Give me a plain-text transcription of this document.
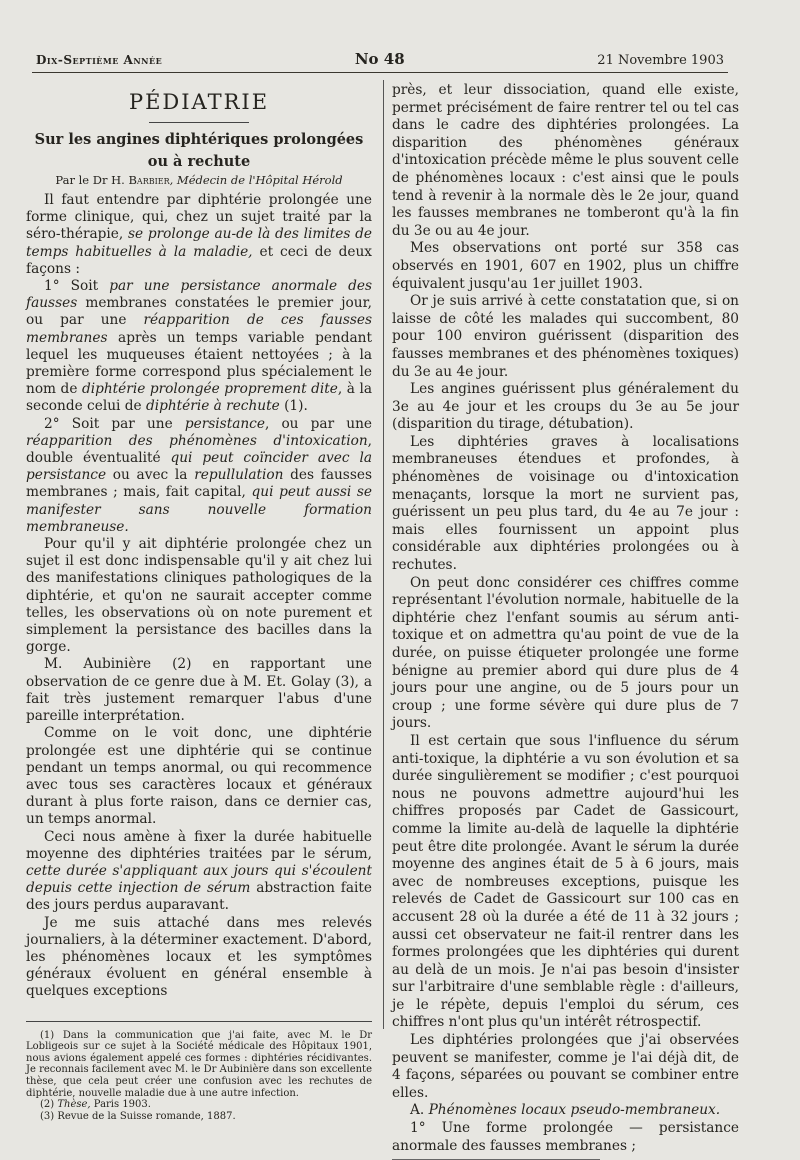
Dix-Septième Année	No 48	21 Novembre 1903
PÉDIATRIE
Sur les angines diphtériques prolongées
ou à rechute
Par le Dr H. Barbier, Médecin de l'Hôpital Hérold

Il faut entendre par diphtérie prolongée une forme clinique, qui, chez un sujet traité par la séro-thérapie, se prolonge au-de là des limites de temps habituelles à la maladie, et ceci de deux façons :

1° Soit par une persistance anormale des fausses membranes constatées le premier jour, ou par une réapparition de ces fausses membranes après un temps variable pendant lequel les muqueuses étaient nettoyées ; à la première forme correspond plus spécialement le nom de diphtérie prolongée proprement dite, à la seconde celui de diphtérie à rechute (1).

2° Soit par une persistance, ou par une réapparition des phénomènes d'intoxication, double éventualité qui peut coïncider avec la persistance ou avec la repullulation des fausses membranes ; mais, fait capital, qui peut aussi se manifester sans nouvelle formation membraneuse.

Pour qu'il y ait diphtérie prolongée chez un sujet il est donc indispensable qu'il y ait chez lui des manifestations cliniques pathologiques de la diphtérie, et qu'on ne saurait accepter comme telles, les observations où on note purement et simplement la persistance des bacilles dans la gorge.

M. Aubinière (2) en rapportant une observation de ce genre due à M. Et. Golay (3), a fait très justement remarquer l'abus d'une pareille interprétation.

Comme on le voit donc, une diphtérie prolongée est une diphtérie qui se continue pendant un temps anormal, ou qui recommence avec tous ses caractères locaux et généraux durant à plus forte raison, dans ce dernier cas, un temps anormal.

Ceci nous amène à fixer la durée habituelle moyenne des diphtéries traitées par le sérum, cette durée s'appliquant aux jours qui s'écoulent depuis cette injection de sérum abstraction faite des jours perdus auparavant.

Je me suis attaché dans mes relevés journaliers, à la déterminer exactement. D'abord, les phénomènes locaux et les symptômes généraux évoluent en général ensemble à quelques exceptions

(1) Dans la communication que j'ai faite, avec M. le Dr Lobligeois sur ce sujet à la Société médicale des Hôpitaux 1901, nous avions également appelé ces formes : diphtéries récidivantes. Je reconnais facilement avec M. le Dr Aubinière dans son excellente thèse, que cela peut créer une confusion avec les rechutes de diphtérie, nouvelle maladie due à une autre infection.

(2) Thèse, Paris 1903.

(3) Revue de la Suisse romande, 1887.

près, et leur dissociation, quand elle existe, permet précisément de faire rentrer tel ou tel cas dans le cadre des diphtéries prolongées. La disparition des phénomènes généraux d'intoxication précède même le plus souvent celle de phénomènes locaux : c'est ainsi que le pouls tend à revenir à la normale dès le 2e jour, quand les fausses membranes ne tomberont qu'à la fin du 3e ou au 4e jour.

Mes observations ont porté sur 358 cas observés en 1901, 607 en 1902, plus un chiffre équivalent jusqu'au 1er juillet 1903.

Or je suis arrivé à cette constatation que, si on laisse de côté les malades qui succombent, 80 pour 100 environ guérissent (disparition des fausses membranes et des phénomènes toxiques) du 3e au 4e jour.

Les angines guérissent plus généralement du 3e au 4e jour et les croups du 3e au 5e jour (disparition du tirage, détubation).

Les diphtéries graves à localisations membraneuses étendues et profondes, à phénomènes de voisinage ou d'intoxication menaçants, lorsque la mort ne survient pas, guérissent un peu plus tard, du 4e au 7e jour : mais elles fournissent un appoint plus considérable aux diphtéries prolongées ou à rechutes.

On peut donc considérer ces chiffres comme représentant l'évolution normale, habituelle de la diphtérie chez l'enfant soumis au sérum anti-toxique et on admettra qu'au point de vue de la durée, on puisse étiqueter prolongée une forme bénigne au premier abord qui dure plus de 4 jours pour une angine, ou de 5 jours pour un croup ; une forme sévère qui dure plus de 7 jours.

Il est certain que sous l'influence du sérum anti-toxique, la diphtérie a vu son évolution et sa durée singulièrement se modifier ; c'est pourquoi nous ne pouvons admettre aujourd'hui les chiffres proposés par Cadet de Gassicourt, comme la limite au-delà de laquelle la diphtérie peut être dite prolongée. Avant le sérum la durée moyenne des angines était de 5 à 6 jours, mais avec de nombreuses exceptions, puisque les relevés de Cadet de Gassicourt sur 100 cas en accusent 28 où la durée a été de 11 à 32 jours ; aussi cet observateur ne fait-il rentrer dans les formes prolongées que les diphtéries qui durent au delà de un mois. Je n'ai pas besoin d'insister sur l'arbitraire d'une semblable règle : d'ailleurs, je le répète, depuis l'emploi du sérum, ces chiffres n'ont plus qu'un intérêt rétrospectif.

Les diphtéries prolongées que j'ai observées peuvent se manifester, comme je l'ai déjà dit, de 4 façons, séparées ou pouvant se combiner entre elles.

A. Phénomènes locaux pseudo-membraneux.

1° Une forme prolongée — persistance anormale des fausses membranes ;
